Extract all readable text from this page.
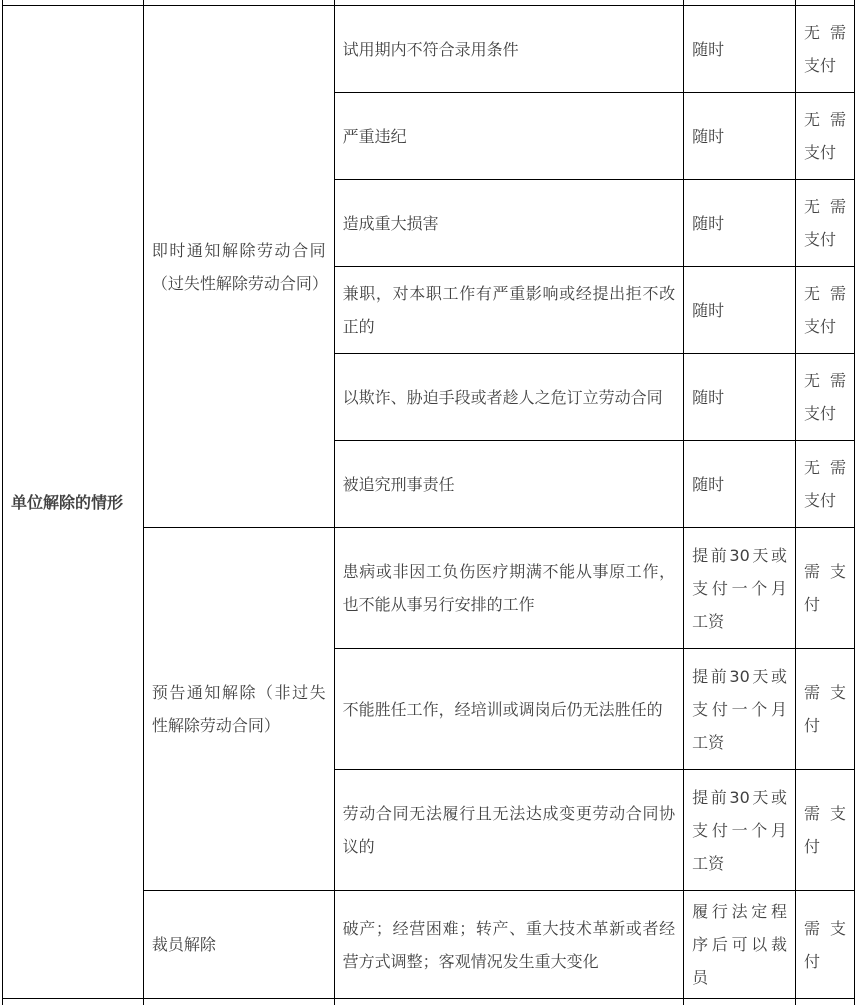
单位解除的情形	即时通知解除劳动合同（过失性解除劳动合同）	试用期内不符合录用条件	随时	无需支付
		严重违纪	随时	无需支付
		造成重大损害	随时	无需支付
		兼职，对本职工作有严重影响或经提出拒不改正的	随时	无需支付
		以欺诈、胁迫手段或者趁人之危订立劳动合同	随时	无需支付
		被追究刑事责任	随时	无需支付
	预告通知解除（非过失性解除劳动合同）	患病或非因工负伤医疗期满不能从事原工作，也不能从事另行安排的工作	提前30天或支付一个月工资	需支付
		不能胜任工作，经培训或调岗后仍无法胜任的	提前30天或支付一个月工资	需支付
		劳动合同无法履行且无法达成变更劳动合同协议的	提前30天或支付一个月工资	需支付
	裁员解除	破产；经营困难；转产、重大技术革新或者经营方式调整；客观情况发生重大变化	履行法定程序后可以裁员	需支付
